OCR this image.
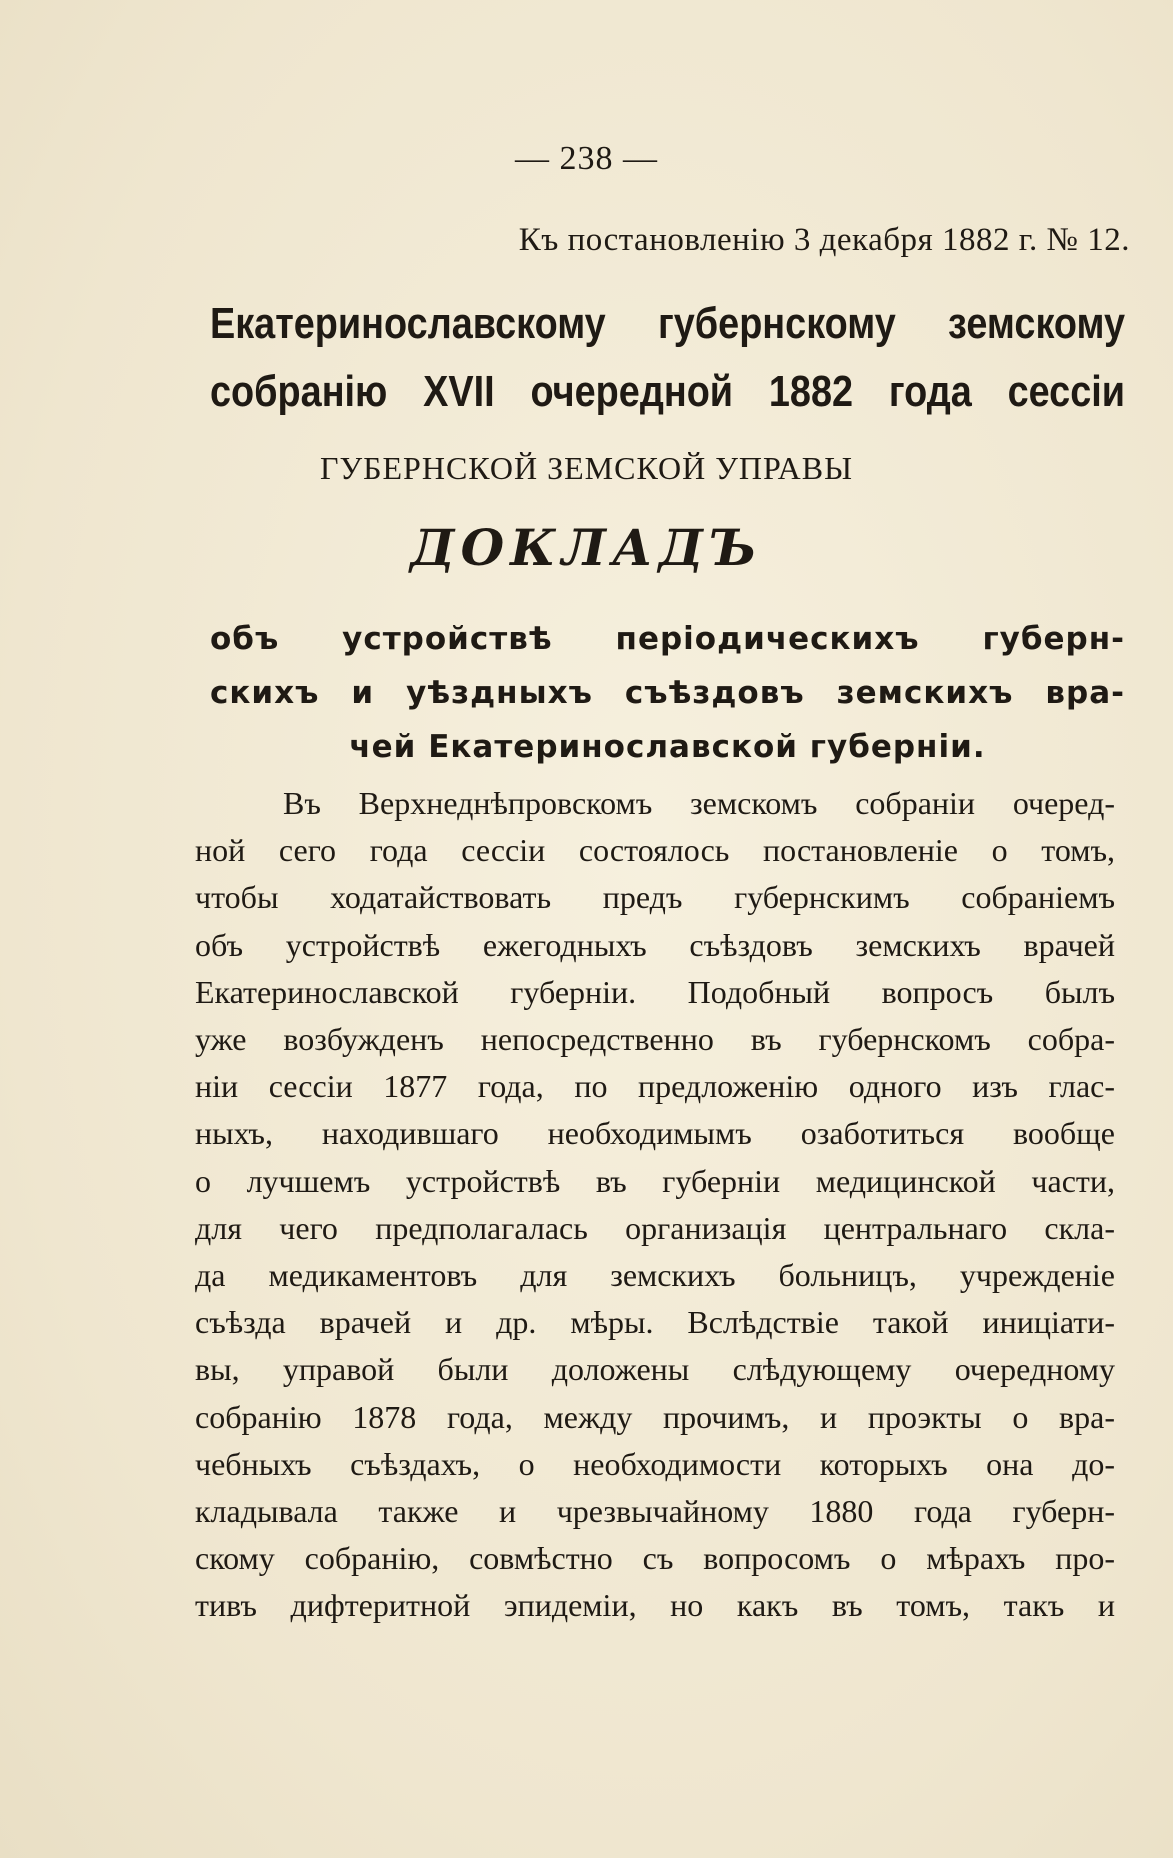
— 238 —
Къ постановленію 3 декабря 1882 г. № 12.
Екатеринославскому губернскому земскому
собранію XVII очередной 1882 года сессіи
ГУБЕРНСКОЙ ЗЕМСКОЙ УПРАВЫ
ДОКЛАДЪ
объ устройствѣ періодическихъ губерн-
скихъ и уѣздныхъ съѣздовъ земскихъ вра-
чей Екатеринославской губерніи.
Въ Верхнеднѣпровскомъ земскомъ собраніи очеред-
ной сего года сессіи состоялось постановленіе о томъ,
чтобы ходатайствовать предъ губернскимъ собраніемъ
объ устройствѣ ежегодныхъ съѣздовъ земскихъ врачей
Екатеринославской губерніи. Подобный вопросъ былъ
уже возбужденъ непосредственно въ губернскомъ собра-
ніи сессіи 1877 года, по предложенію одного изъ глас-
ныхъ, находившаго необходимымъ озаботиться вообще
о лучшемъ устройствѣ въ губерніи медицинской части,
для чего предполагалась организація центральнаго скла-
да медикаментовъ для земскихъ больницъ, учрежденіе
съѣзда врачей и др. мѣры. Вслѣдствіе такой иниціати-
вы, управой были доложены слѣдующему очередному
собранію 1878 года, между прочимъ, и проэкты о вра-
чебныхъ съѣздахъ, о необходимости которыхъ она до-
кладывала также и чрезвычайному 1880 года губерн-
скому собранію, совмѣстно съ вопросомъ о мѣрахъ про-
тивъ дифтеритной эпидеміи, но какъ въ томъ, такъ и
